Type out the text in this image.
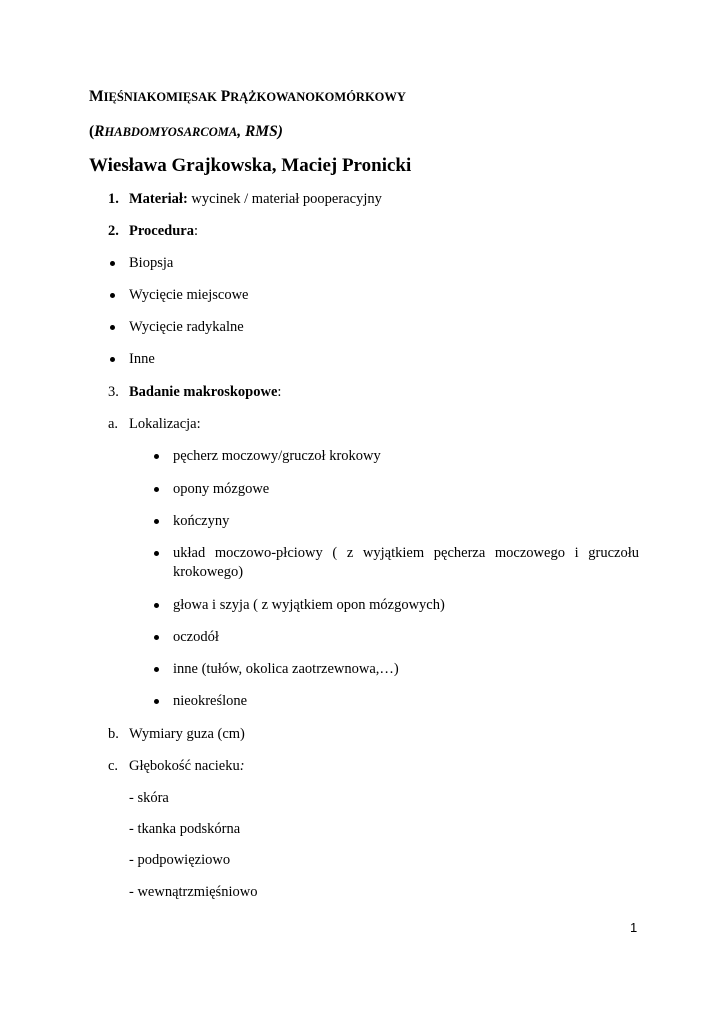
MIĘŚNIAKOMIĘSAK PRĄŻKOWANOKOMÓRKOWY
(RHABDOMYOSARCOMA, RMS)
Wiesława Grajkowska, Maciej Pronicki
1. Materiał: wycinek / materiał pooperacyjny
2. Procedura:
Biopsja
Wycięcie miejscowe
Wycięcie radykalne
Inne
3. Badanie makroskopowe:
a. Lokalizacja:
pęcherz moczowy/gruczoł krokowy
opony mózgowe
kończyny
układ moczowo-płciowy ( z wyjątkiem pęcherza moczowego i gruczołu krokowego)
głowa i szyja ( z wyjątkiem opon mózgowych)
oczodół
inne (tułów, okolica zaotrzewnowa,…)
nieokreślone
b. Wymiary guza (cm)
c. Głębokość nacieku:
- skóra
- tkanka podskórna
- podpowięziowo
- wewnątrzmięśniowo
1
